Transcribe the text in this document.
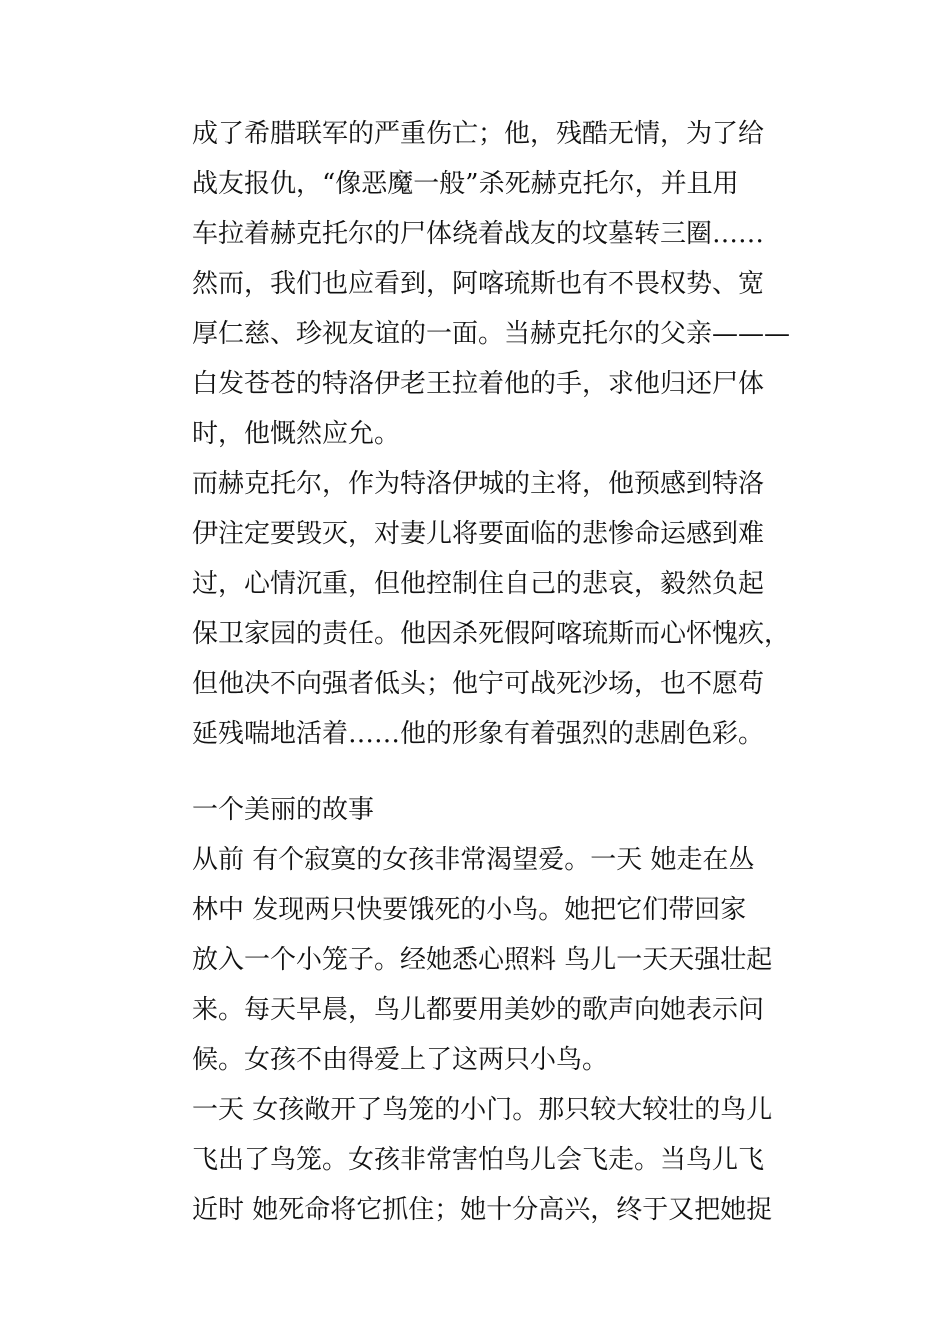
成了希腊联军的严重伤亡；他，残酷无情，为了给
战友报仇，“像恶魔一般”杀死赫克托尔，并且用
车拉着赫克托尔的尸体绕着战友的坟墓转三圈……
然而，我们也应看到，阿喀琉斯也有不畏权势、宽
厚仁慈、珍视友谊的一面。当赫克托尔的父亲———
白发苍苍的特洛伊老王拉着他的手，求他归还尸体
时，他慨然应允。
而赫克托尔，作为特洛伊城的主将，他预感到特洛
伊注定要毁灭，对妻儿将要面临的悲惨命运感到难
过，心情沉重，但他控制住自己的悲哀，毅然负起
保卫家园的责任。他因杀死假阿喀琉斯而心怀愧疚，
但他决不向强者低头；他宁可战死沙场，也不愿苟
延残喘地活着……他的形象有着强烈的悲剧色彩。
一个美丽的故事
从前 有个寂寞的女孩非常渴望爱。一天 她走在丛
林中 发现两只快要饿死的小鸟。她把它们带回家
放入一个小笼子。经她悉心照料 鸟儿一天天强壮起
来。每天早晨，鸟儿都要用美妙的歌声向她表示问
候。女孩不由得爱上了这两只小鸟。
一天 女孩敞开了鸟笼的小门。那只较大较壮的鸟儿
飞出了鸟笼。女孩非常害怕鸟儿会飞走。当鸟儿飞
近时 她死命将它抓住；她十分高兴，终于又把她捉
